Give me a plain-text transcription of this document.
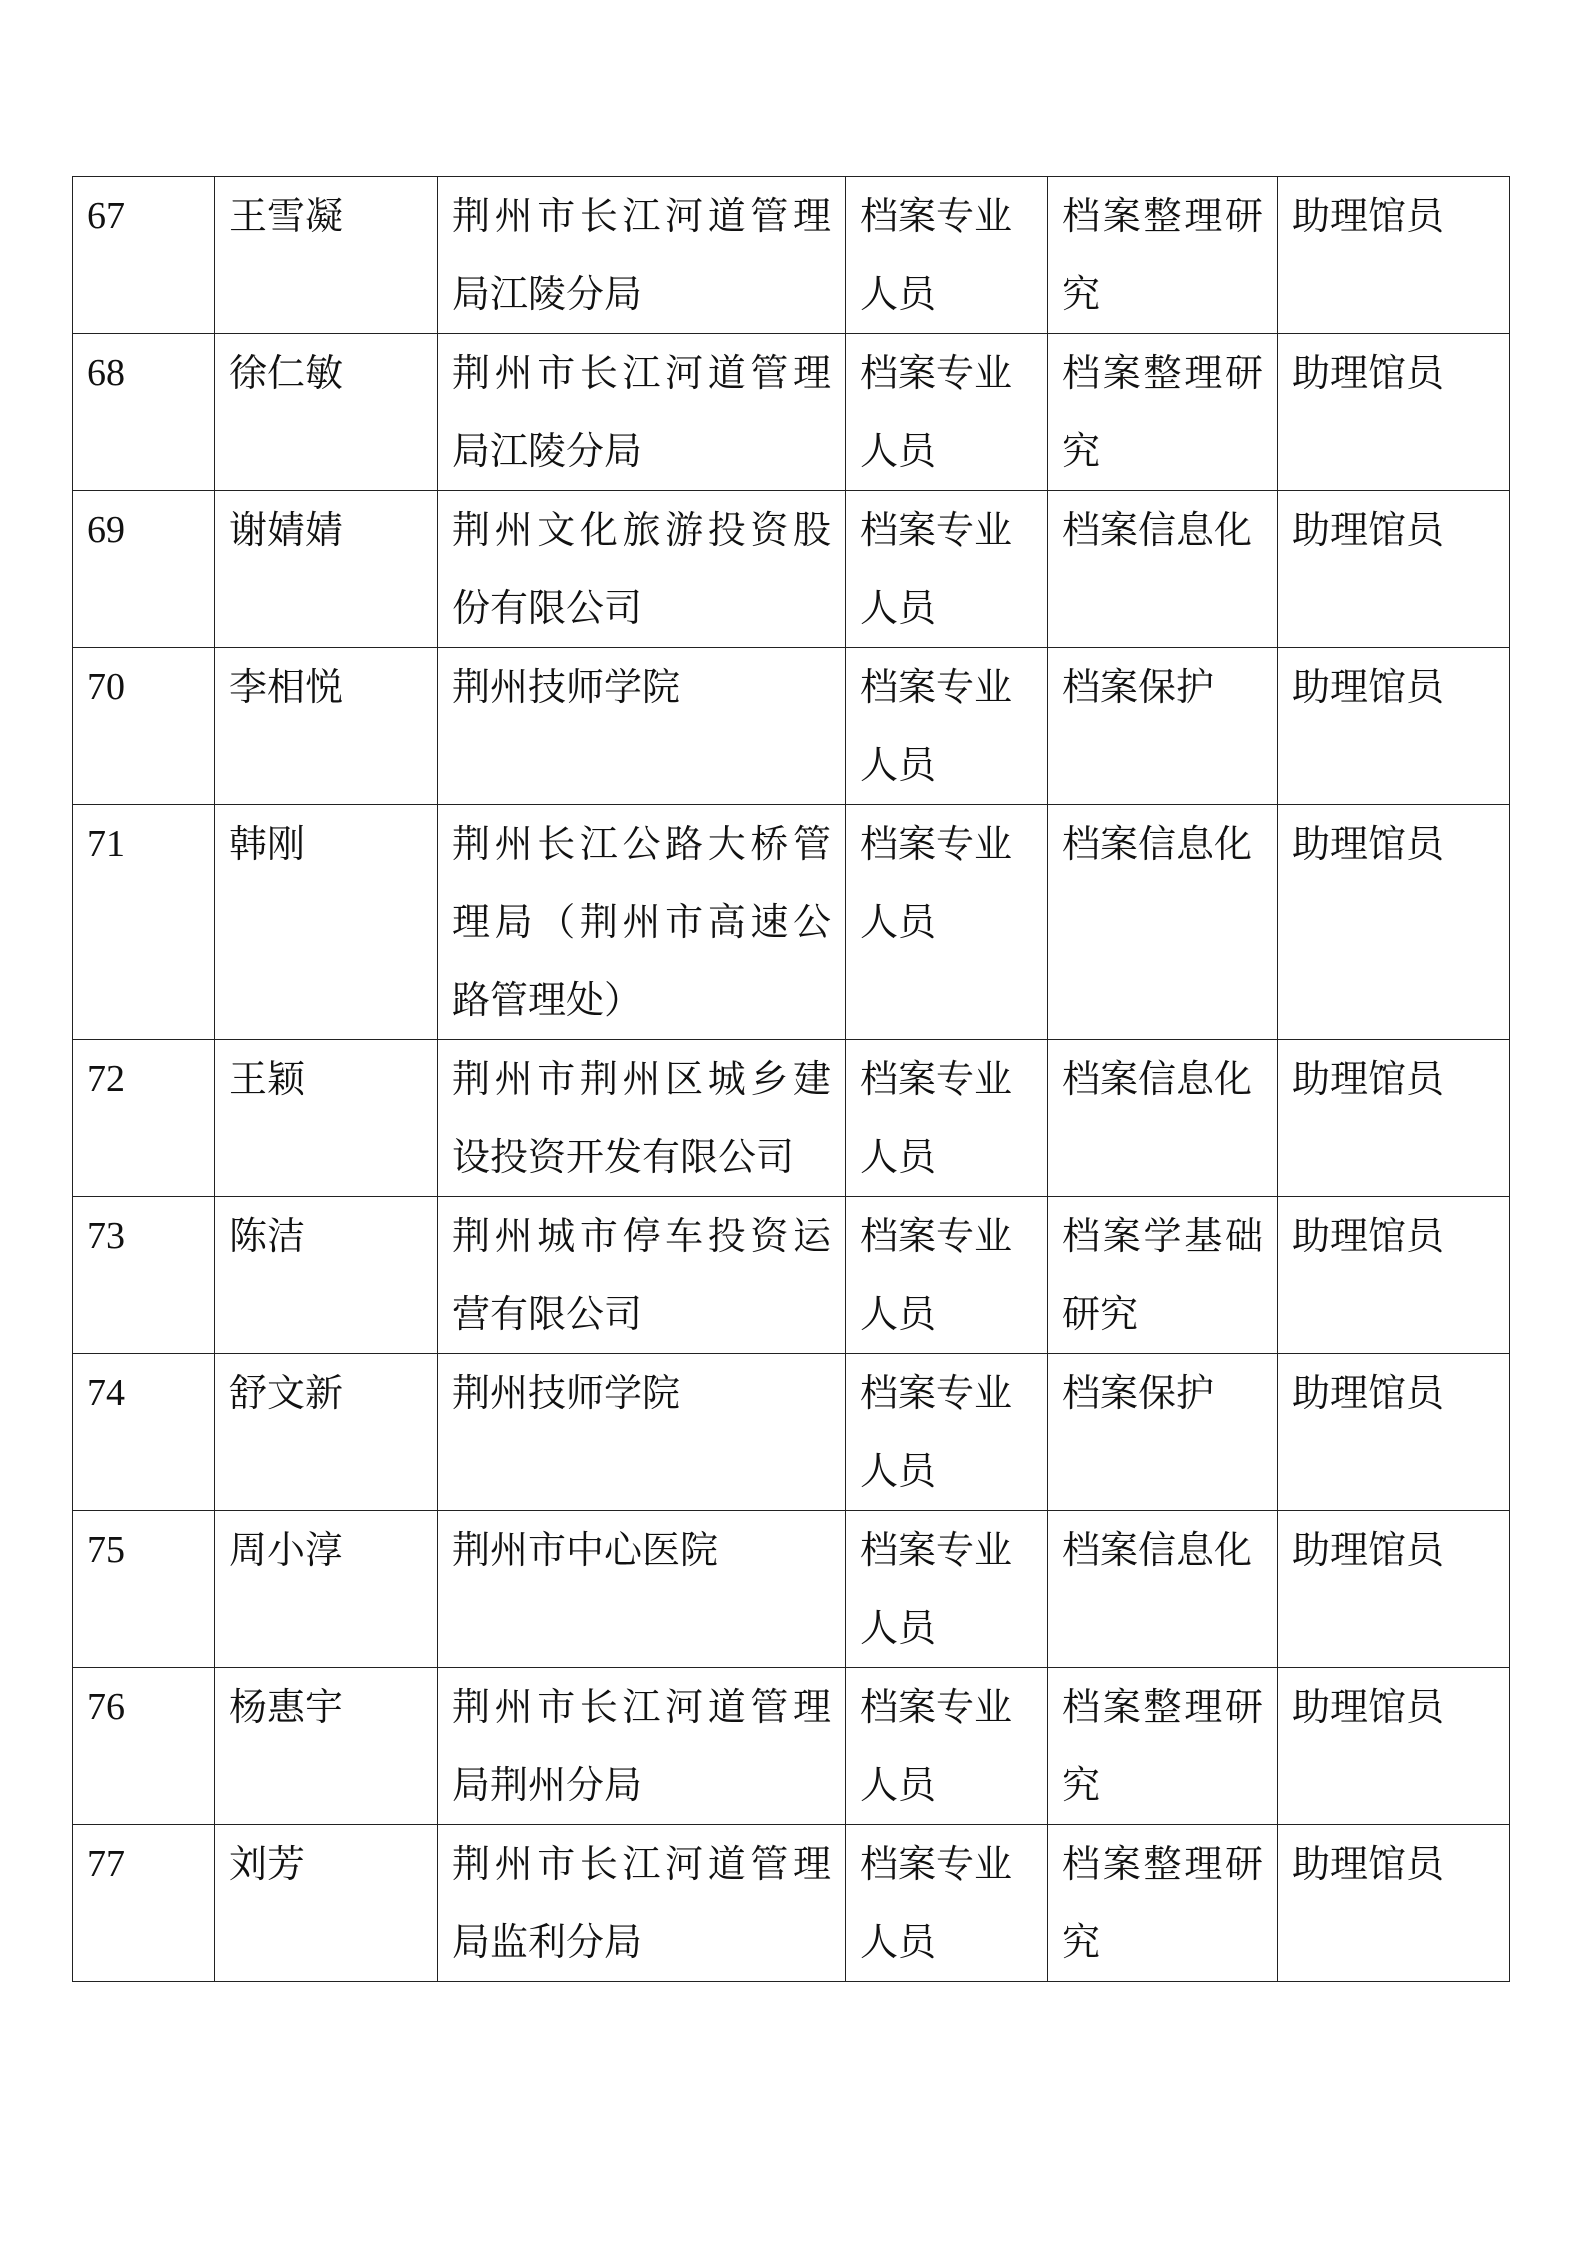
67	王雪凝	荆州市长江河道管理局江陵分局	档案专业人员	档案整理研究	助理馆员
68	徐仁敏	荆州市长江河道管理局江陵分局	档案专业人员	档案整理研究	助理馆员
69	谢婧婧	荆州文化旅游投资股份有限公司	档案专业人员	档案信息化	助理馆员
70	李相悦	荆州技师学院	档案专业人员	档案保护	助理馆员
71	韩刚	荆州长江公路大桥管理局（荆州市高速公路管理处）	档案专业人员	档案信息化	助理馆员
72	王颖	荆州市荆州区城乡建设投资开发有限公司	档案专业人员	档案信息化	助理馆员
73	陈洁	荆州城市停车投资运营有限公司	档案专业人员	档案学基础研究	助理馆员
74	舒文新	荆州技师学院	档案专业人员	档案保护	助理馆员
75	周小淳	荆州市中心医院	档案专业人员	档案信息化	助理馆员
76	杨惠宇	荆州市长江河道管理局荆州分局	档案专业人员	档案整理研究	助理馆员
77	刘芳	荆州市长江河道管理局监利分局	档案专业人员	档案整理研究	助理馆员
